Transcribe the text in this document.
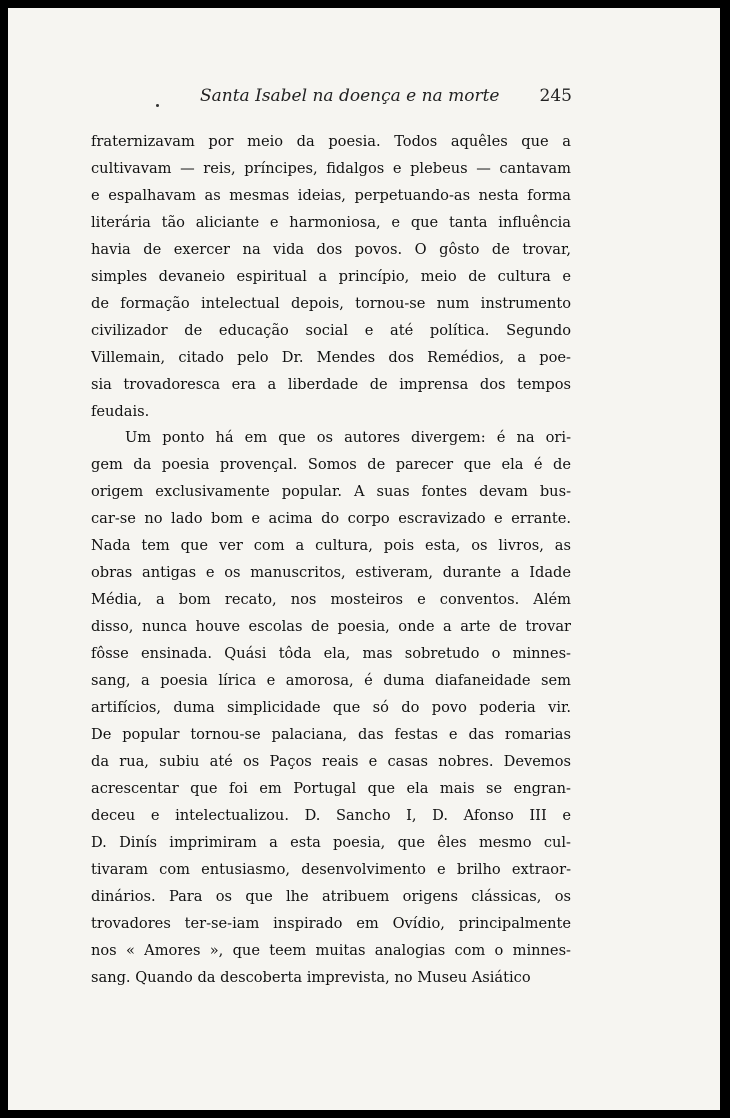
Santa Isabel na doença e na morte 245
fraternizavam por meio da poesia. Todos aquêles que a
cultivavam — reis, príncipes, fidalgos e plebeus — cantavam
e espalhavam as mesmas ideias, perpetuando-as nesta forma
literária tão aliciante e harmoniosa, e que tanta influência
havia de exercer na vida dos povos. O gôsto de trovar,
simples devaneio espiritual a princípio, meio de cultura e
de formação intelectual depois, tornou-se num instrumento
civilizador de educação social e até política. Segundo
Villemain, citado pelo Dr. Mendes dos Remédios, a poe-
sia trovadoresca era a liberdade de imprensa dos tempos
feudais.
Um ponto há em que os autores divergem: é na ori-
gem da poesia provençal. Somos de parecer que ela é de
origem exclusivamente popular. A suas fontes devam bus-
car-se no lado bom e acima do corpo escravizado e errante.
Nada tem que ver com a cultura, pois esta, os livros, as
obras antigas e os manuscritos, estiveram, durante a Idade
Média, a bom recato, nos mosteiros e conventos. Além
disso, nunca houve escolas de poesia, onde a arte de trovar
fôsse ensinada. Quási tôda ela, mas sobretudo o minnes-
sang, a poesia lírica e amorosa, é duma diafaneidade sem
artifícios, duma simplicidade que só do povo poderia vir.
De popular tornou-se palaciana, das festas e das romarias
da rua, subiu até os Paços reais e casas nobres. Devemos
acrescentar que foi em Portugal que ela mais se engran-
deceu e intelectualizou. D. Sancho I, D. Afonso III e
D. Dinís imprimiram a esta poesia, que êles mesmo cul-
tivaram com entusiasmo, desenvolvimento e brilho extraor-
dinários. Para os que lhe atribuem origens clássicas, os
trovadores ter-se-iam inspirado em Ovídio, principalmente
nos « Amores », que teem muitas analogias com o minnes-
sang. Quando da descoberta imprevista, no Museu Asiático
